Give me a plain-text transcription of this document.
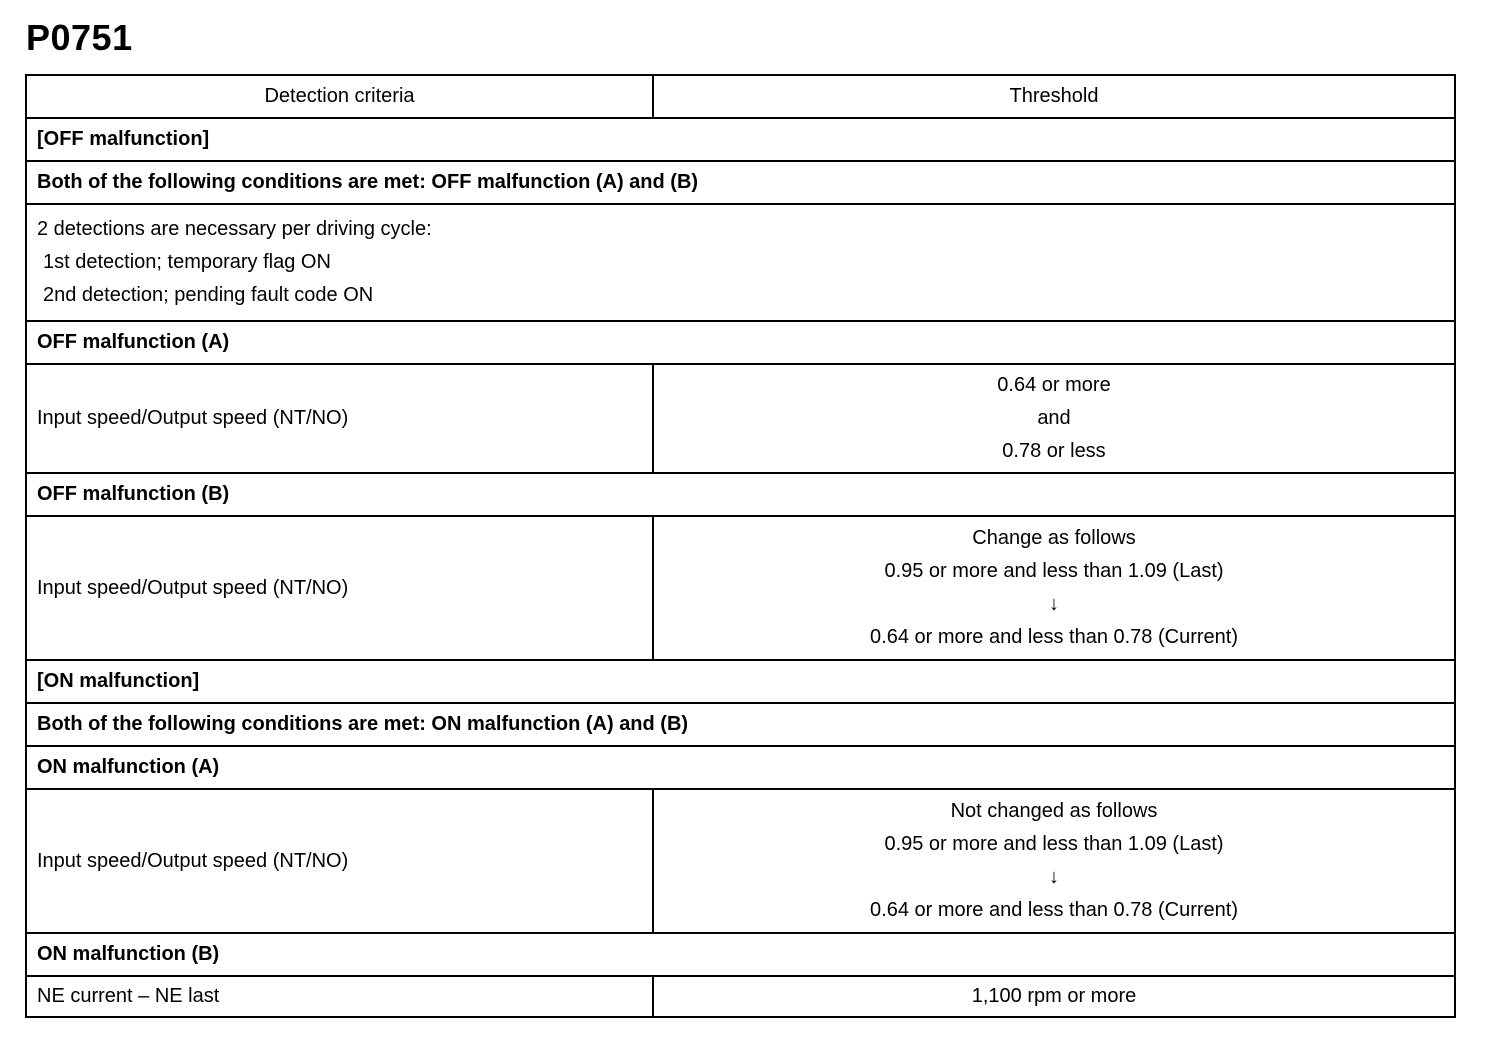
P0751
Detection criteria	Threshold
[OFF malfunction]	
Both of the following conditions are met: OFF malfunction (A) and (B)	

2 detections are necessary per driving cycle:
1st detection; temporary flag ON
2nd detection; pending fault code ON	

OFF malfunction (A)	
Input speed/Output speed (NT/NO)	0.64 or more
and
0.78 or less

OFF malfunction (B)	
Input speed/Output speed (NT/NO)	Change as follows
0.95 or more and less than 1.09 (Last)
↓
0.64 or more and less than 0.78 (Current)

[ON malfunction]	
Both of the following conditions are met: ON malfunction (A) and (B)	
ON malfunction (A)	
Input speed/Output speed (NT/NO)	Not changed as follows
0.95 or more and less than 1.09 (Last)
↓
0.64 or more and less than 0.78 (Current)

ON malfunction (B)	
NE current – NE last	1,100 rpm or more
